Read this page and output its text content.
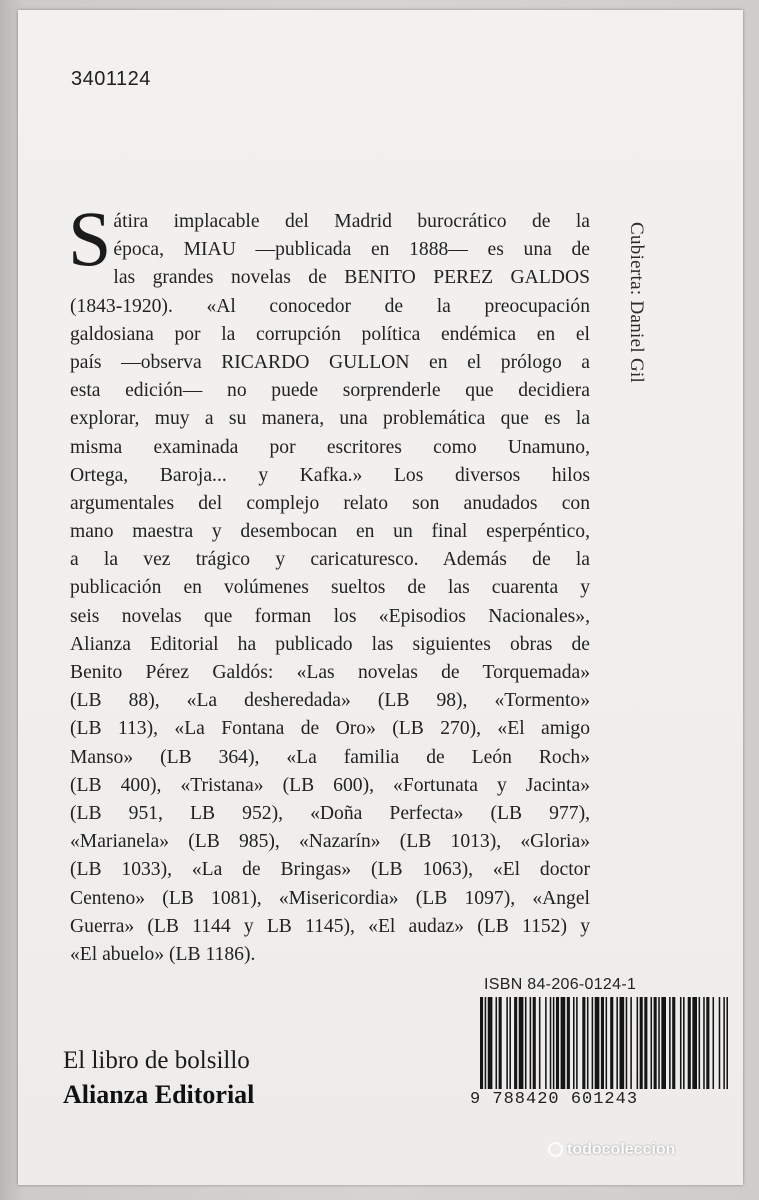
3401124
S átira implacable del Madrid burocrático de la
época, MIAU —publicada en 1888— es una de
las grandes novelas de BENITO PEREZ GALDOS
(1843-1920). «Al conocedor de la preocupación
galdosiana por la corrupción política endémica en el
país —observa RICARDO GULLON en el prólogo a
esta edición— no puede sorprenderle que decidiera
explorar, muy a su manera, una problemática que es la
misma examinada por escritores como Unamuno,
Ortega, Baroja... y Kafka.» Los diversos hilos
argumentales del complejo relato son anudados con
mano maestra y desembocan en un final esperpéntico,
a la vez trágico y caricaturesco. Además de la
publicación en volúmenes sueltos de las cuarenta y
seis novelas que forman los «Episodios Nacionales»,
Alianza Editorial ha publicado las siguientes obras de
Benito Pérez Galdós: «Las novelas de Torquemada»
(LB 88), «La desheredada» (LB 98), «Tormento»
(LB 113), «La Fontana de Oro» (LB 270), «El amigo
Manso» (LB 364), «La familia de León Roch»
(LB 400), «Tristana» (LB 600), «Fortunata y Jacinta»
(LB 951, LB 952), «Doña Perfecta» (LB 977),
«Marianela» (LB 985), «Nazarín» (LB 1013), «Gloria»
(LB 1033), «La de Bringas» (LB 1063), «El doctor
Centeno» (LB 1081), «Misericordia» (LB 1097), «Angel
Guerra» (LB 1144 y LB 1145), «El audaz» (LB 1152) y
«El abuelo» (LB 1186).
Cubierta: Daniel Gil
El libro de bolsillo
Alianza Editorial
ISBN 84-206-0124-1
9 788420 601243
todocoleccion
